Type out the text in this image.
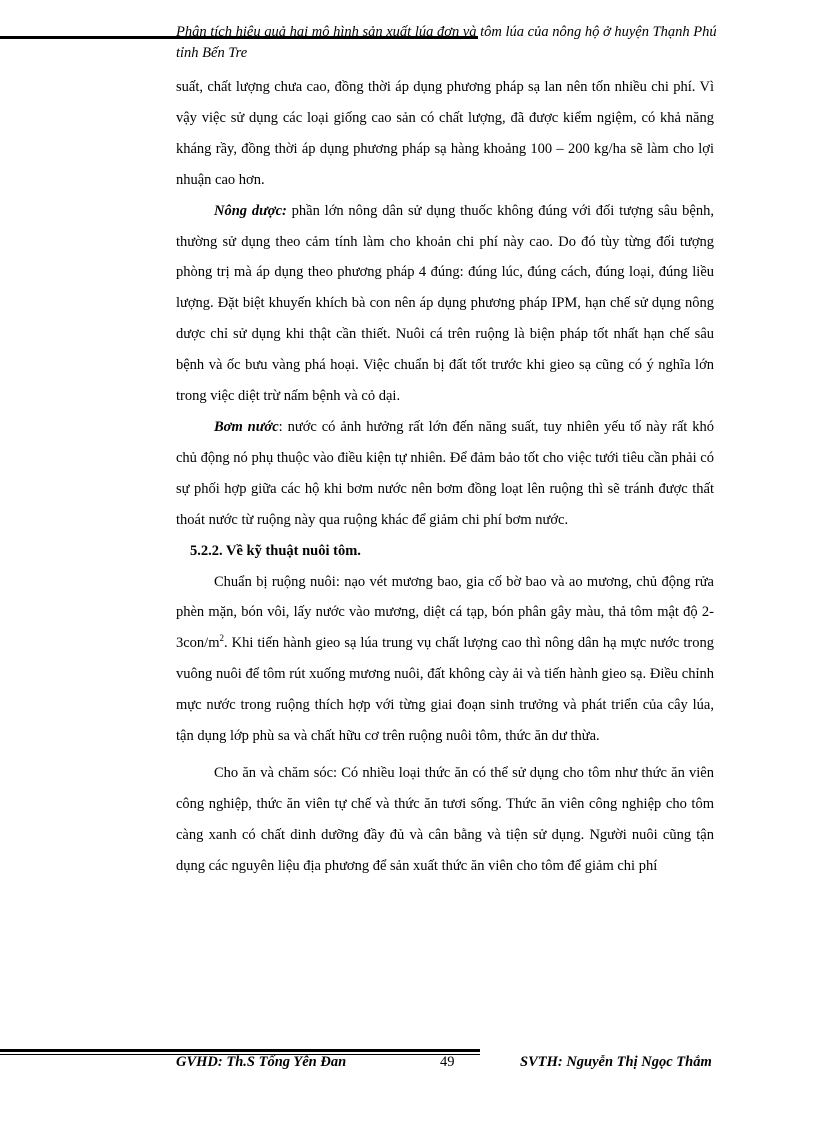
Phân tích hiệu quả hai mô hình sản xuất lúa đơn và tôm lúa của nông hộ ở huyện Thạnh Phú tỉnh Bến Tre

suất, chất lượng chưa cao, đồng thời áp dụng phương pháp sạ lan nên tốn nhiều chi phí. Vì vậy việc sử dụng các loại giống cao sản có chất lượng, đã được kiểm ngiệm, có khả năng kháng rầy, đồng thời áp dụng phương pháp sạ hàng khoảng 100 – 200 kg/ha sẽ làm cho lợi nhuận cao hơn.

Nông dược: phần lớn nông dân sử dụng thuốc không đúng với đối tượng sâu bệnh, thường sử dụng theo cảm tính làm cho khoản chi phí này cao. Do đó tùy từng đối tượng phòng trị mà áp dụng theo phương pháp 4 đúng: đúng lúc, đúng cách, đúng loại, đúng liều lượng. Đặt biệt khuyến khích bà con nên áp dụng phương pháp IPM, hạn chế sử dụng nông dược chỉ sử dụng khi thật cần thiết. Nuôi cá trên ruộng là biện pháp tốt nhất hạn chế sâu bệnh và ốc bưu vàng phá hoại. Việc chuẩn bị đất tốt trước khi gieo sạ cũng có ý nghĩa lớn trong việc diệt trừ nấm bệnh và cỏ dại.

Bơm nước: nước có ảnh hưởng rất lớn đến năng suất, tuy nhiên yếu tố này rất khó chủ động nó phụ thuộc vào điều kiện tự nhiên. Để đảm bảo tốt cho việc tưới tiêu cần phải có sự phối hợp giữa các hộ khi bơm nước nên bơm đồng loạt lên ruộng thì sẽ tránh được thất thoát nước từ ruộng này qua ruộng khác để giảm chi phí bơm nước.

5.2.2. Về kỹ thuật nuôi tôm.

Chuẩn bị ruộng nuôi: nạo vét mương bao, gia cố bờ bao và ao mương, chủ động rửa phèn mặn, bón vôi, lấy nước vào mương, diệt cá tạp, bón phân gây màu, thả tôm mật độ $2-3con/m^2$. Khi tiến hành gieo sạ lúa trung vụ chất lượng cao thì nông dân hạ mực nước trong vuông nuôi để tôm rút xuống mương nuôi, đất không cày ải và tiến hành gieo sạ. Điều chỉnh mực nước trong ruộng thích hợp với từng giai đoạn sinh trưởng và phát triển của cây lúa, tận dụng lớp phù sa và chất hữu cơ trên ruộng nuôi tôm, thức ăn dư thừa.

Cho ăn và chăm sóc: Có nhiều loại thức ăn có thể sử dụng cho tôm như thức ăn viên công nghiệp, thức ăn viên tự chế và thức ăn tươi sống. Thức ăn viên công nghiệp cho tôm càng xanh có chất dinh dưỡng đầy đủ và cân bằng và tiện sử dụng. Người nuôi cũng tận dụng các nguyên liệu địa phương để sản xuất thức ăn viên cho tôm để giảm chi phí

GVHD: Th.S Tống Yên Đan	49	SVTH: Nguyễn Thị Ngọc Thắm
